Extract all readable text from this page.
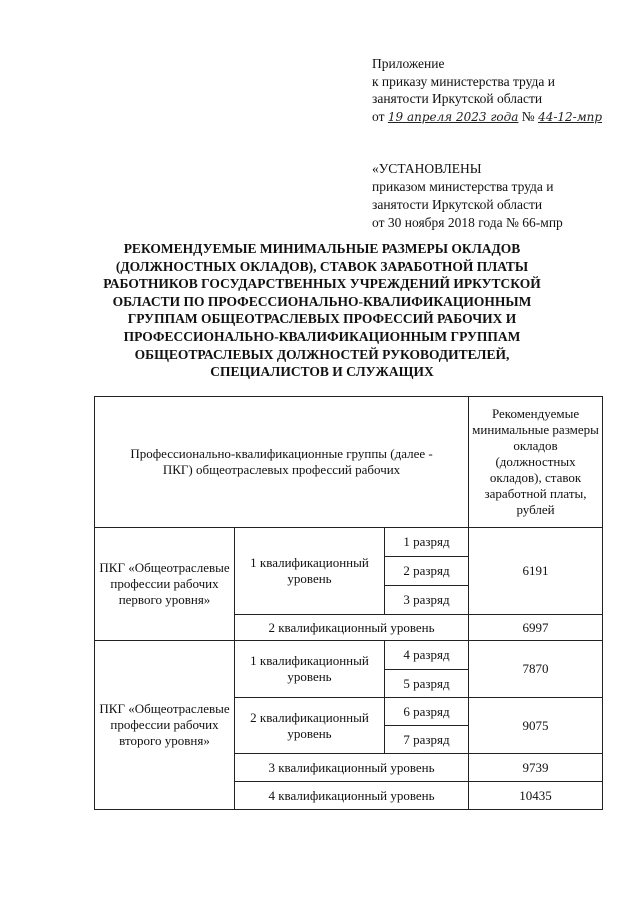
Приложение
к приказу министерства труда и
занятости Иркутской области
от 19 апреля 2023 года № 44-12-мпр
«УСТАНОВЛЕНЫ
приказом министерства труда и
занятости Иркутской области
от 30 ноября 2018 года № 66-мпр
РЕКОМЕНДУЕМЫЕ МИНИМАЛЬНЫЕ РАЗМЕРЫ ОКЛАДОВ (ДОЛЖНОСТНЫХ ОКЛАДОВ), СТАВОК ЗАРАБОТНОЙ ПЛАТЫ РАБОТНИКОВ ГОСУДАРСТВЕННЫХ УЧРЕЖДЕНИЙ ИРКУТСКОЙ ОБЛАСТИ ПО ПРОФЕССИОНАЛЬНО-КВАЛИФИКАЦИОННЫМ ГРУППАМ ОБЩЕОТРАСЛЕВЫХ ПРОФЕССИЙ РАБОЧИХ И ПРОФЕССИОНАЛЬНО-КВАЛИФИКАЦИОННЫМ ГРУППАМ ОБЩЕОТРАСЛЕВЫХ ДОЛЖНОСТЕЙ РУКОВОДИТЕЛЕЙ, СПЕЦИАЛИСТОВ И СЛУЖАЩИХ
Профессионально-квалификационные группы (далее - ПКГ) общеотраслевых профессий рабочих			Рекомендуемые минимальные размеры окладов (должностных окладов), ставок заработной платы, рублей
ПКГ «Общеотраслевые профессии рабочих первого уровня»	1 квалификационный уровень	1 разряд	6191
		2 разряд	
		3 разряд	
	2 квалификационный уровень		6997
ПКГ «Общеотраслевые профессии рабочих второго уровня»	1 квалификационный уровень	4 разряд	7870
		5 разряд	
	2 квалификационный уровень	6 разряд	9075
		7 разряд	
	3 квалификационный уровень		9739
	4 квалификационный уровень		10435
